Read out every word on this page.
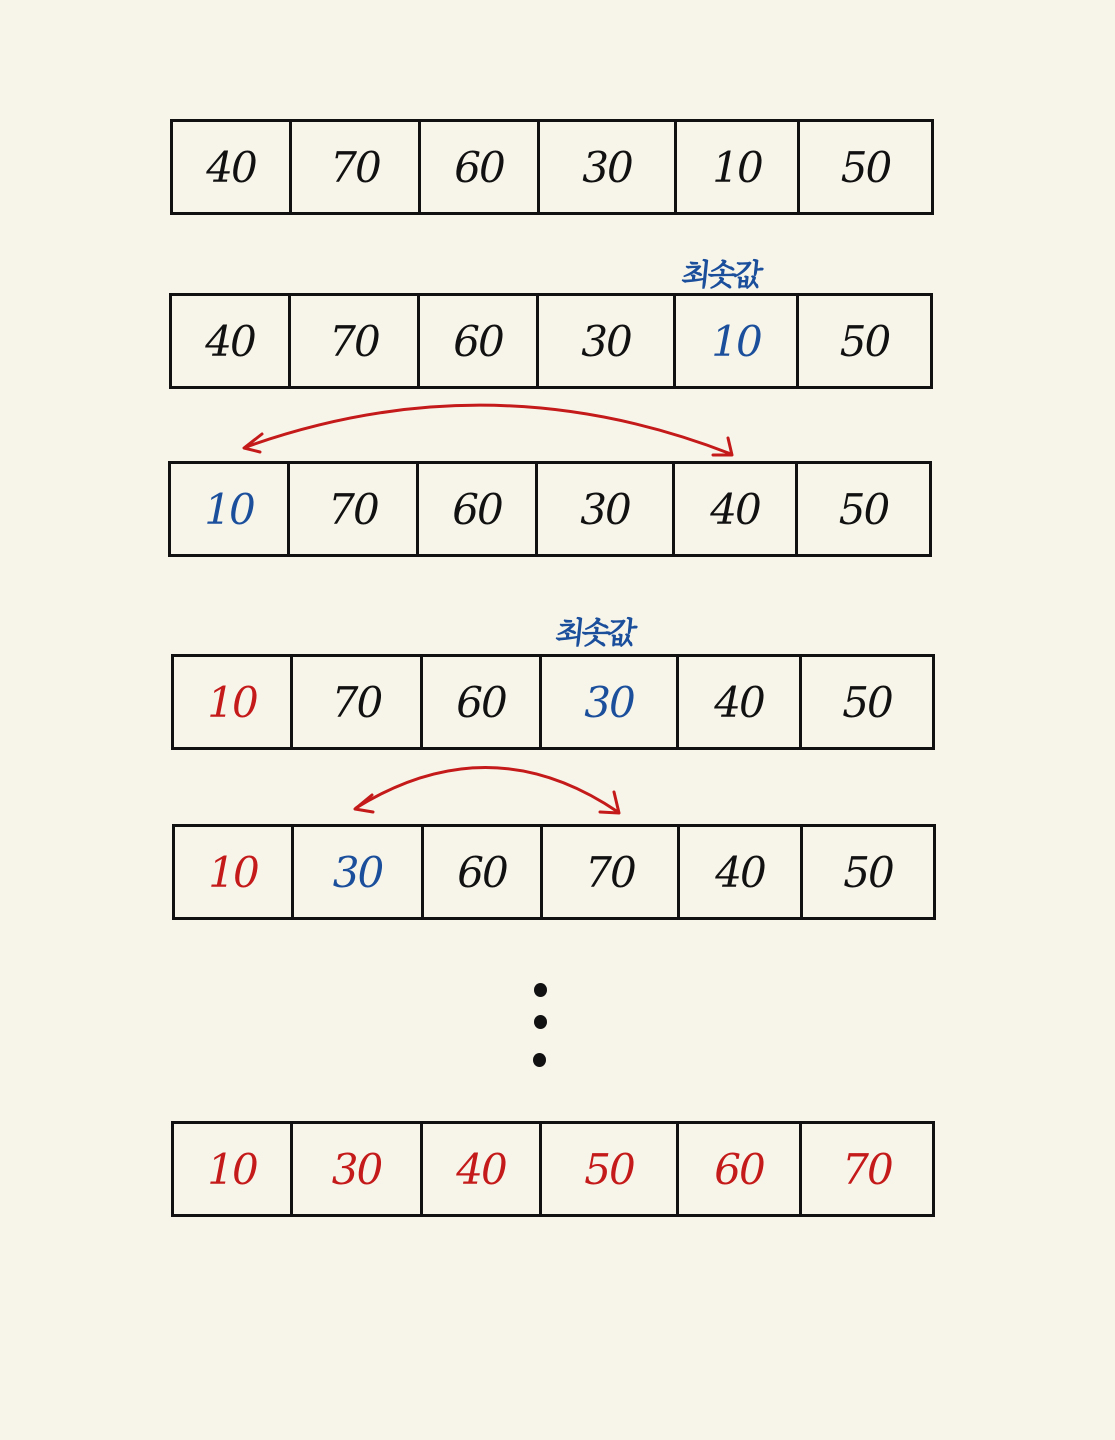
40	70	60	30	10	50
최솟값
40	70	60	30	10	50
10	70	60	30	40	50
최솟값
10	70	60	30	40	50
10	30	60	70	40	50
10	30	40	50	60	70
